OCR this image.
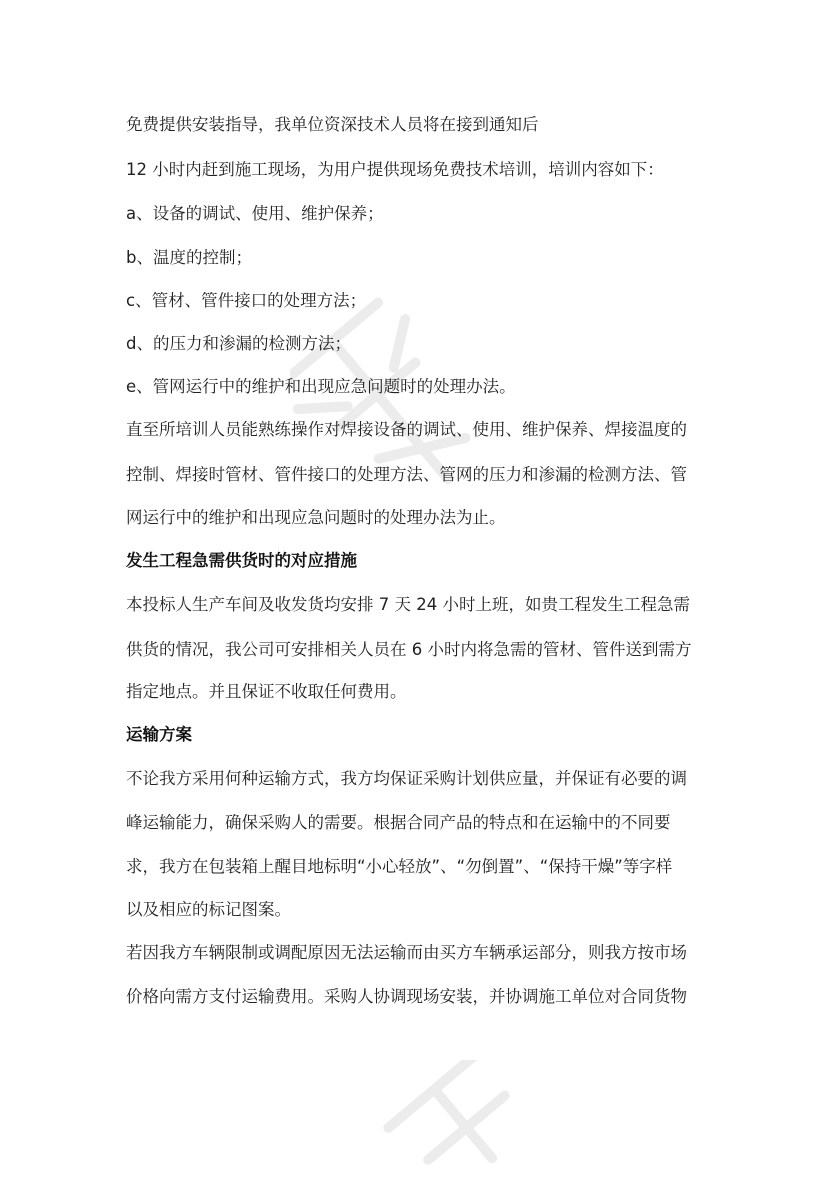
免费提供安装指导，我单位资深技术人员将在接到通知后
12 小时内赶到施工现场，为用户提供现场免费技术培训，培训内容如下：
a、设备的调试、使用、维护保养；
b、温度的控制；
c、管材、管件接口的处理方法；
d、的压力和渗漏的检测方法；
e、管网运行中的维护和出现应急问题时的处理办法。
直至所培训人员能熟练操作对焊接设备的调试、使用、维护保养、焊接温度的
控制、焊接时管材、管件接口的处理方法、管网的压力和渗漏的检测方法、管
网运行中的维护和出现应急问题时的处理办法为止。
发生工程急需供货时的对应措施
本投标人生产车间及收发货均安排 7 天 24 小时上班，如贵工程发生工程急需
供货的情况，我公司可安排相关人员在 6 小时内将急需的管材、管件送到需方
指定地点。并且保证不收取任何费用。
运输方案
不论我方采用何种运输方式，我方均保证采购计划供应量，并保证有必要的调
峰运输能力，确保采购人的需要。根据合同产品的特点和在运输中的不同要
求，我方在包装箱上醒目地标明“小心轻放”、“勿倒置”、“保持干燥”等字样
以及相应的标记图案。
若因我方车辆限制或调配原因无法运输而由买方车辆承运部分，则我方按市场
价格向需方支付运输费用。采购人协调现场安装，并协调施工单位对合同货物
